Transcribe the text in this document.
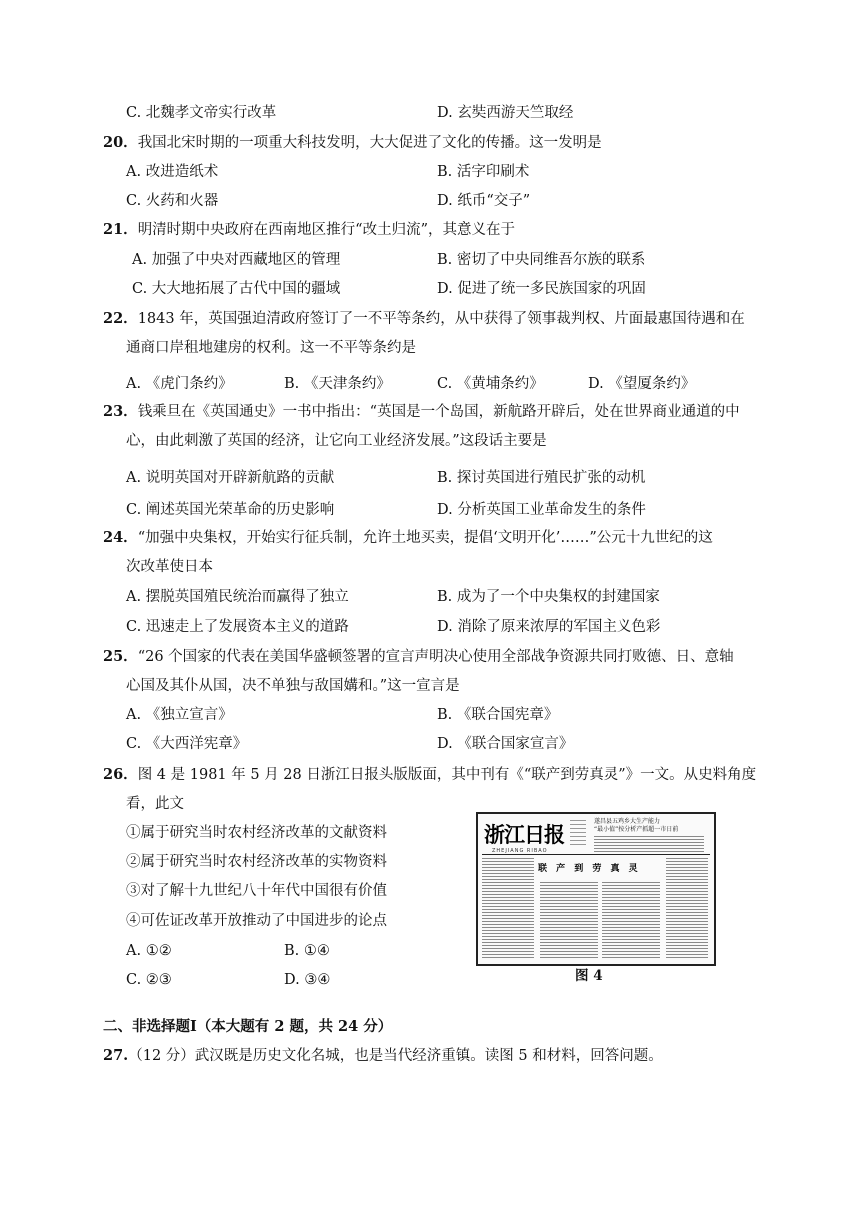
C. 北魏孝文帝实行改革	D. 玄奘西游天竺取经
20．我国北宋时期的一项重大科技发明，大大促进了文化的传播。这一发明是
A. 改进造纸术	B. 活字印刷术
C. 火药和火器	D. 纸币“交子”
21．明清时期中央政府在西南地区推行“改土归流”，其意义在于
A. 加强了中央对西藏地区的管理	B. 密切了中央同维吾尔族的联系
C. 大大地拓展了古代中国的疆域	D. 促进了统一多民族国家的巩固
22．1843 年，英国强迫清政府签订了一不平等条约，从中获得了领事裁判权、片面最惠国待遇和在
通商口岸租地建房的权利。这一不平等条约是
A. 《虎门条约》	B. 《天津条约》	C. 《黄埔条约》	D. 《望厦条约》
23．钱乘旦在《英国通史》一书中指出：“英国是一个岛国，新航路开辟后，处在世界商业通道的中
心，由此刺激了英国的经济，让它向工业经济发展。”这段话主要是
A. 说明英国对开辟新航路的贡献	B. 探讨英国进行殖民扩张的动机
C. 阐述英国光荣革命的历史影响	D. 分析英国工业革命发生的条件
24．“加强中央集权，开始实行征兵制，允许土地买卖，提倡‘文明开化’……”公元十九世纪的这
次改革使日本
A. 摆脱英国殖民统治而赢得了独立	B. 成为了一个中央集权的封建国家
C. 迅速走上了发展资本主义的道路	D. 消除了原来浓厚的军国主义色彩
25．“26 个国家的代表在美国华盛顿签署的宣言声明决心使用全部战争资源共同打败德、日、意轴
心国及其仆从国，决不单独与敌国媾和。”这一宣言是
A. 《独立宣言》	B. 《联合国宪章》
C. 《大西洋宪章》	D. 《联合国家宣言》
26．图 4 是 1981 年 5 月 28 日浙江日报头版版面，其中刊有《“联产到劳真灵”》一文。从史料角度
看，此文
①属于研究当时农村经济改革的文献资料
②属于研究当时农村经济改革的实物资料
③对了解十九世纪八十年代中国很有价值
④可佐证改革开放推动了中国进步的论点
A. ①②	B. ①④
C. ②③	D. ③④
浙江日报
ZHEJIANG RIBAO
遂昌县五鸡乡大生产能力
“最小值”按分析产抓超一市日前
联 产 到 劳 真 灵
图 4
二、非选择题Ⅰ（本大题有 2 题，共 24 分）
27.（12 分）武汉既是历史文化名城，也是当代经济重镇。读图 5 和材料，回答问题。
